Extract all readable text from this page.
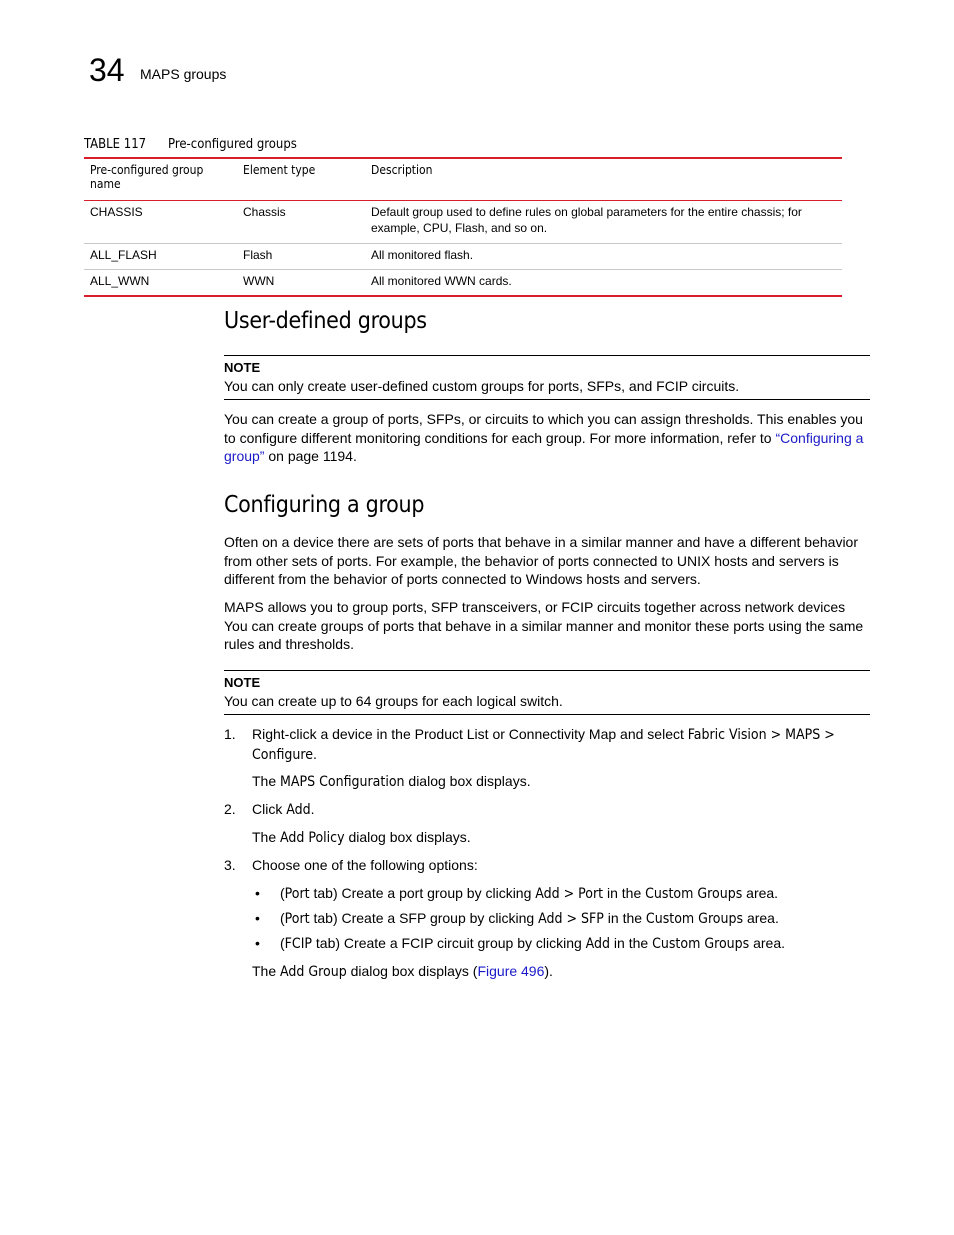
34 MAPS groups
TABLE 117 Pre-configured groups
Pre-configured group name	Element type	Description
CHASSIS	Chassis	Default group used to define rules on global parameters for the entire chassis; for example, CPU, Flash, and so on.
ALL_FLASH	Flash	All monitored flash.
ALL_WWN	WWN	All monitored WWN cards.
User-defined groups
NOTE
You can only create user-defined custom groups for ports, SFPs, and FCIP circuits.

You can create a group of ports, SFPs, or circuits to which you can assign thresholds. This enables you to configure different monitoring conditions for each group. For more information, refer to “Configuring a group” on page 1194.

Configuring a group

Often on a device there are sets of ports that behave in a similar manner and have a different behavior from other sets of ports. For example, the behavior of ports connected to UNIX hosts and servers is different from the behavior of ports connected to Windows hosts and servers.

MAPS allows you to group ports, SFP transceivers, or FCIP circuits together across network devices You can create groups of ports that behave in a similar manner and monitor these ports using the same rules and thresholds.

NOTE
You can create up to 64 groups for each logical switch.
1. Right-click a device in the Product List or Connectivity Map and select Fabric Vision > MAPS > Configure.
The MAPS Configuration dialog box displays.
2. Click Add.
The Add Policy dialog box displays.
3. Choose one of the following options:
• (Port tab) Create a port group by clicking Add > Port in the Custom Groups area.
• (Port tab) Create a SFP group by clicking Add > SFP in the Custom Groups area.
• (FCIP tab) Create a FCIP circuit group by clicking Add in the Custom Groups area.
The Add Group dialog box displays (Figure 496).
